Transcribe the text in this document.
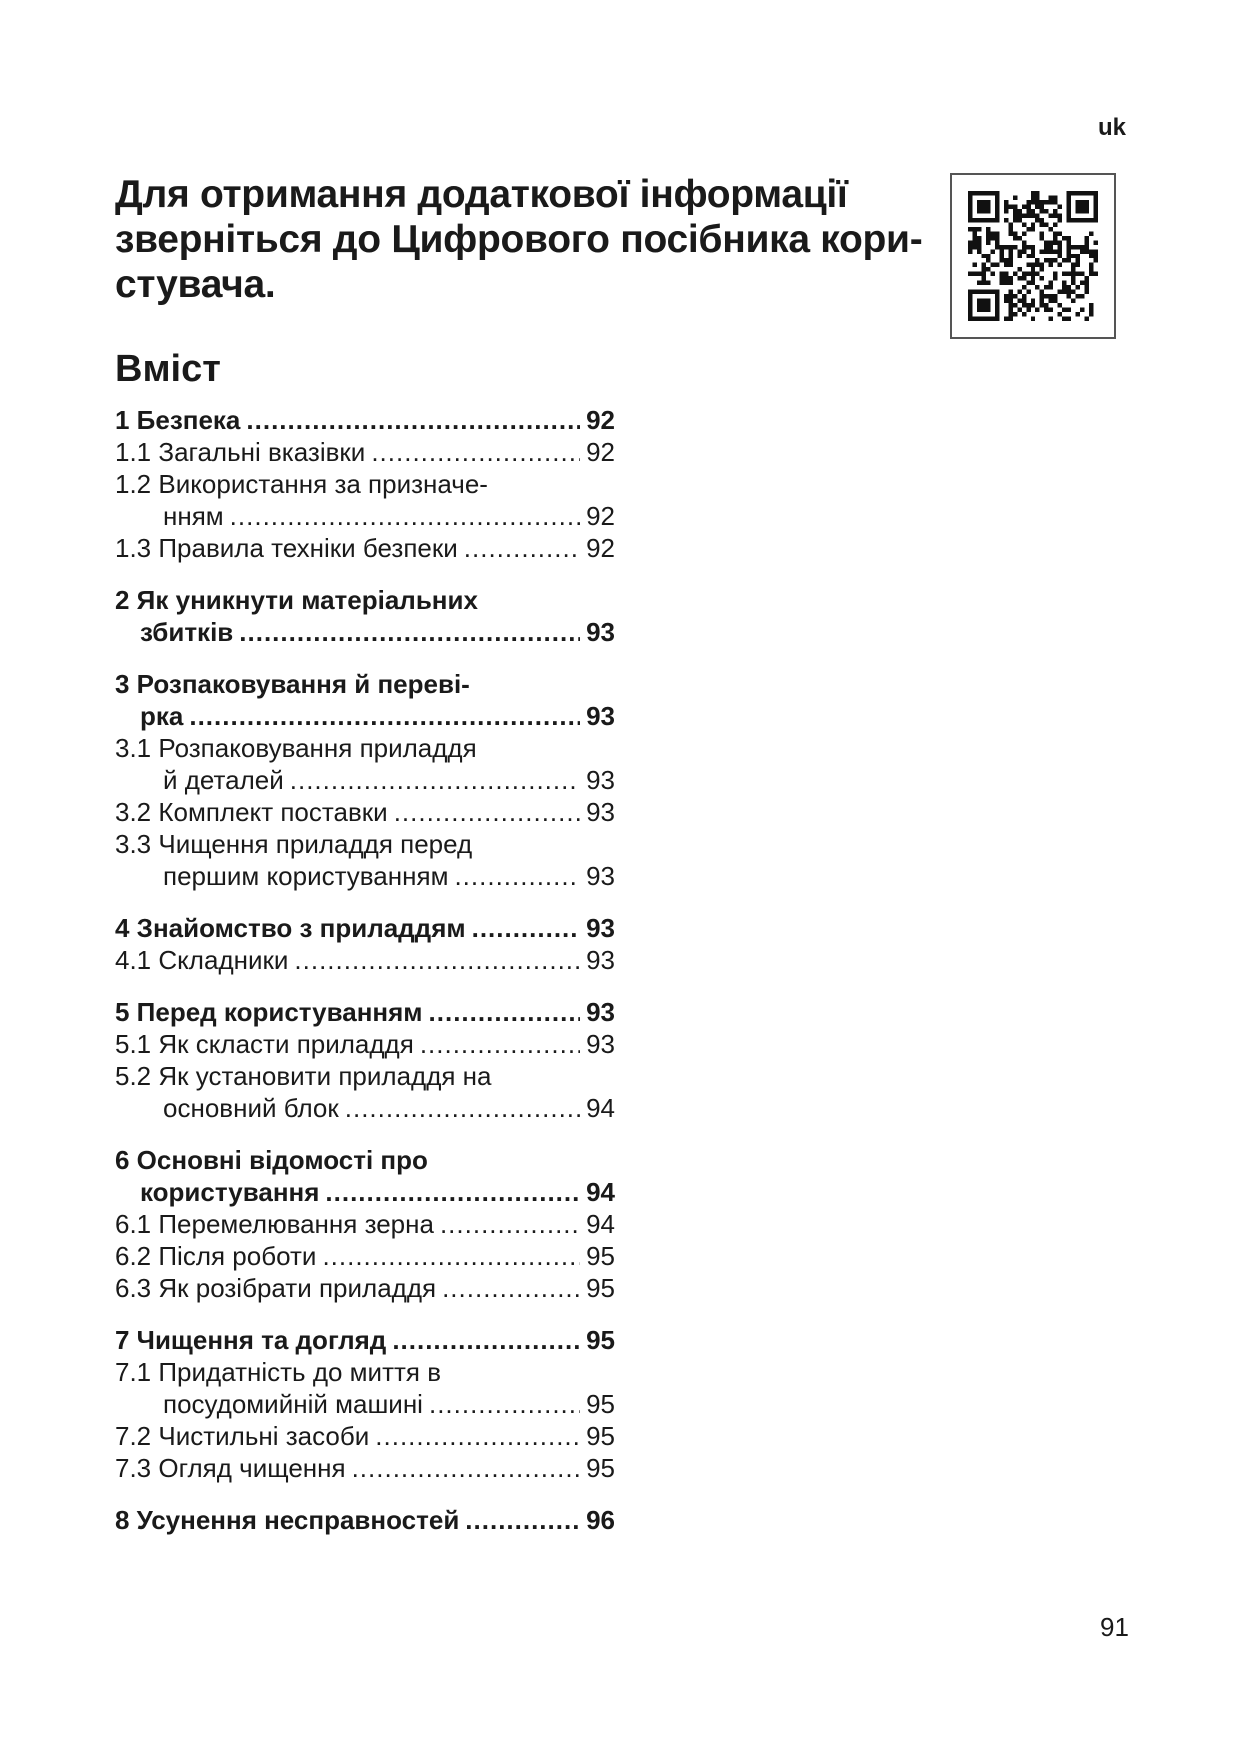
uk
Для отримання додаткової інформації
зверніться до Цифрового посібника кори-
стувача.
Вміст
1 Безпека .....	92
1.1 Загальні вказівки .....	92
1.2 Використання за призначе-
нням .....	92
1.3 Правила техніки безпеки .....	92
2 Як уникнути матеріальних
збитків .....	93
3 Розпаковування й переві-
рка .....	93
3.1 Розпаковування приладдя
й деталей .....	93
3.2 Комплект поставки .....	93
3.3 Чищення приладдя перед
першим користуванням .....	93
4 Знайомство з приладдям .....	93
4.1 Складники .....	93
5 Перед користуванням .....	93
5.1 Як скласти приладдя .....	93
5.2 Як установити приладдя на
основний блок .....	94
6 Основні відомості про
користування .....	94
6.1 Перемелювання зерна .....	94
6.2 Після роботи .....	95
6.3 Як розібрати приладдя .....	95
7 Чищення та догляд .....	95
7.1 Придатність до миття в
посудомийній машині .....	95
7.2 Чистильні засоби .....	95
7.3 Огляд чищення .....	95
8 Усунення несправностей .....	96
91
